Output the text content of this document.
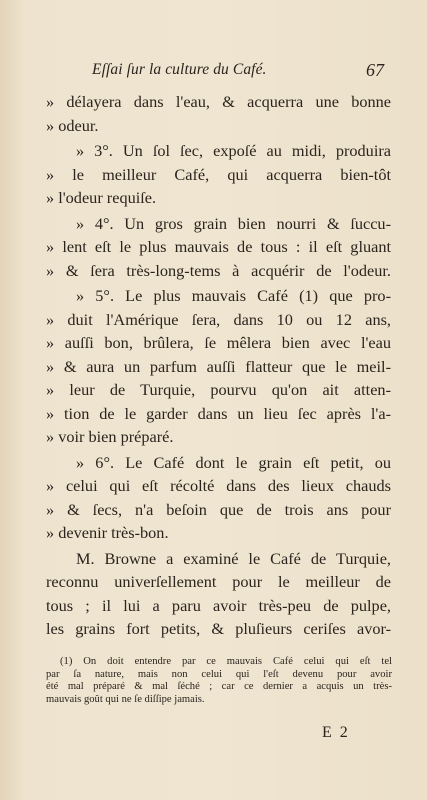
Eſſai ſur la culture du Café.	67
» délayera dans l'eau, & acquerra une bonne
» odeur.
» 3°. Un ſol ſec, expoſé au midi, produira
» le meilleur Café, qui acquerra bien-tôt
» l'odeur requiſe.
» 4°. Un gros grain bien nourri & ſuccu-
» lent eſt le plus mauvais de tous : il eſt gluant
» & ſera très-long-tems à acquérir de l'odeur.
» 5°. Le plus mauvais Café (1) que pro-
» duit l'Amérique ſera, dans 10 ou 12 ans,
» auſſi bon, brûlera, ſe mêlera bien avec l'eau
» & aura un parfum auſſi flatteur que le meil-
» leur de Turquie, pourvu qu'on ait atten-
» tion de le garder dans un lieu ſec après l'a-
» voir bien préparé.
» 6°. Le Café dont le grain eſt petit, ou
» celui qui eſt récolté dans des lieux chauds
» & ſecs, n'a beſoin que de trois ans pour
» devenir très-bon.
M. Browne a examiné le Café de Turquie,
reconnu univerſellement pour le meilleur de
tous ; il lui a paru avoir très-peu de pulpe,
les grains fort petits, & pluſieurs ceriſes avor-
(1) On doit entendre par ce mauvais Café celui qui eſt tel
par ſa nature, mais non celui qui l'eſt devenu pour avoir
été mal préparé & mal ſéché ; car ce dernier a acquis un très-
mauvais goût qui ne ſe diſſipe jamais.
E 2
